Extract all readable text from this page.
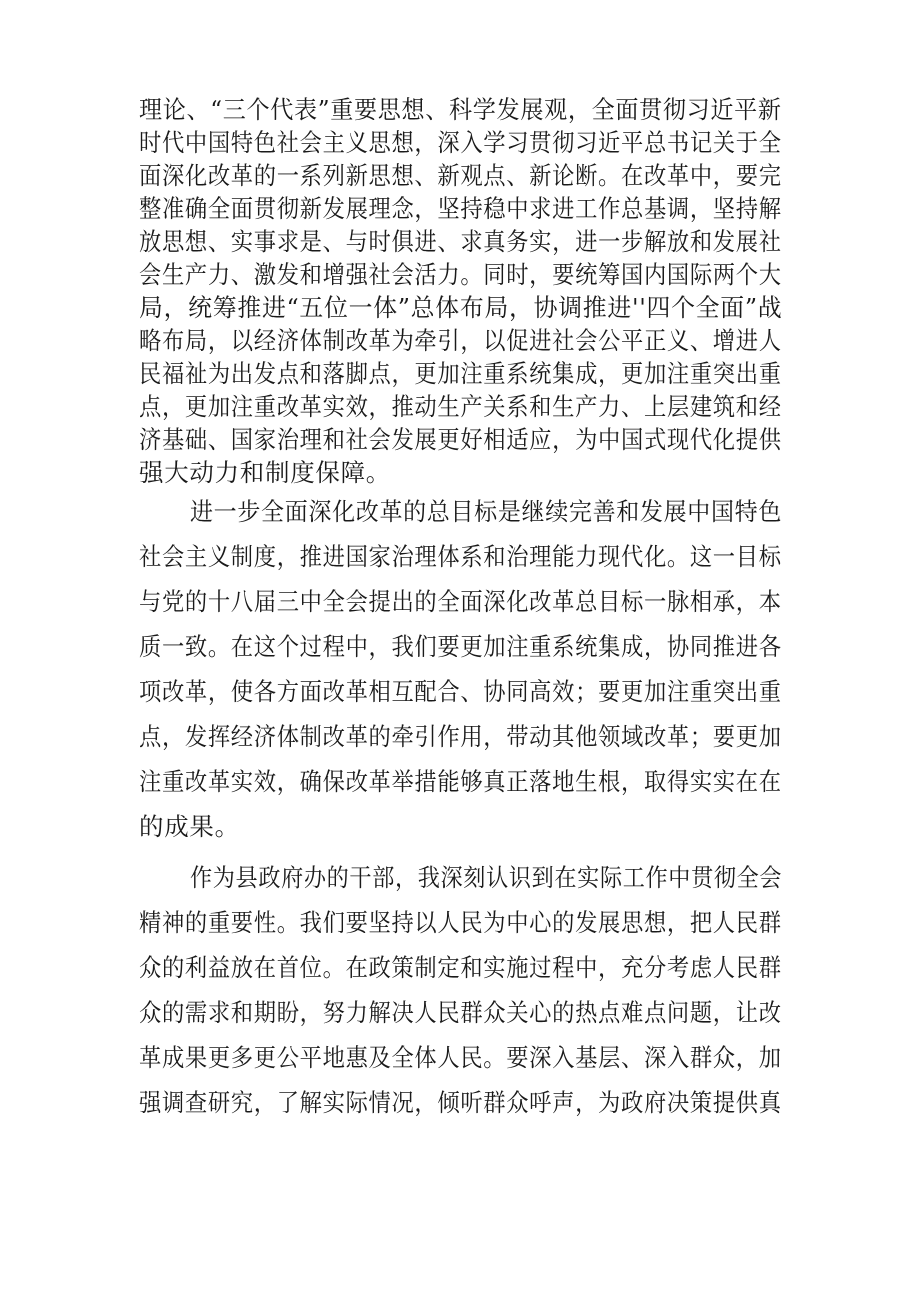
理论、“三个代表”重要思想、科学发展观，全面贯彻习近平新
时代中国特色社会主义思想，深入学习贯彻习近平总书记关于全
面深化改革的一系列新思想、新观点、新论断。在改革中，要完
整准确全面贯彻新发展理念，坚持稳中求进工作总基调，坚持解
放思想、实事求是、与时俱进、求真务实，进一步解放和发展社
会生产力、激发和增强社会活力。同时，要统筹国内国际两个大
局，统筹推进“五位一体”总体布局，协调推进''四个全面”战
略布局，以经济体制改革为牵引，以促进社会公平正义、增进人
民福祉为出发点和落脚点，更加注重系统集成，更加注重突出重
点，更加注重改革实效，推动生产关系和生产力、上层建筑和经
济基础、国家治理和社会发展更好相适应，为中国式现代化提供
强大动力和制度保障。
进一步全面深化改革的总目标是继续完善和发展中国特色
社会主义制度，推进国家治理体系和治理能力现代化。这一目标
与党的十八届三中全会提出的全面深化改革总目标一脉相承，本
质一致。在这个过程中，我们要更加注重系统集成，协同推进各
项改革，使各方面改革相互配合、协同高效；要更加注重突出重
点，发挥经济体制改革的牵引作用，带动其他领域改革；要更加
注重改革实效，确保改革举措能够真正落地生根，取得实实在在
的成果。
作为县政府办的干部，我深刻认识到在实际工作中贯彻全会
精神的重要性。我们要坚持以人民为中心的发展思想，把人民群
众的利益放在首位。在政策制定和实施过程中，充分考虑人民群
众的需求和期盼，努力解决人民群众关心的热点难点问题，让改
革成果更多更公平地惠及全体人民。要深入基层、深入群众，加
强调查研究，了解实际情况，倾听群众呼声，为政府决策提供真
